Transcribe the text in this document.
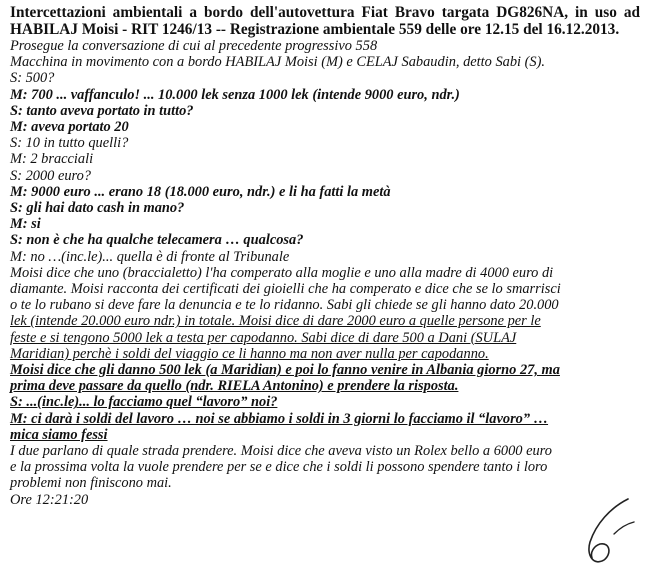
Intercettazioni ambientali a bordo dell'autovettura Fiat Bravo targata DG826NA, in uso ad HABILAJ Moisi - RIT 1246/13 -- Registrazione ambientale 559 delle ore 12.15 del 16.12.2013.

Prosegue la conversazione di cui al precedente progressivo 558
Macchina in movimento con a bordo HABILAJ Moisi (M) e CELAJ Sabaudin, detto Sabi (S).
S: 500?
M: 700 ... vaffanculo! ... 10.000 lek senza 1000 lek (intende 9000 euro, ndr.)
S: tanto aveva portato in tutto?
M: aveva portato 20
S: 10 in tutto quelli?
M: 2 bracciali
S: 2000 euro?
M: 9000 euro ... erano 18 (18.000 euro, ndr.) e li ha fatti la metà
S: gli hai dato cash in mano?
M: si
S: non è che ha qualche telecamera … qualcosa?
M: no …(inc.le)... quella è di fronte al Tribunale
Moisi dice che uno (braccialetto) l'ha comperato alla moglie e uno alla madre di 4000 euro di
diamante. Moisi racconta dei certificati dei gioielli che ha comperato e dice che se lo smarrisci
o te lo rubano si deve fare la denuncia e te lo ridanno. Sabi gli chiede se gli hanno dato 20.000
lek (intende 20.000 euro ndr.) in totale. Moisi dice di dare 2000 euro a quelle persone per le
feste e si tengono 5000 lek a testa per capodanno. Sabi dice di dare 500 a Dani (SULAJ
Maridian) perchè i soldi del viaggio ce li hanno ma non aver nulla per capodanno.
Moisi dice che gli danno 500 lek (a Maridian) e poi lo fanno venire in Albania giorno 27, ma
prima deve passare da quello (ndr. RIELA Antonino) e prendere la risposta.
S: ...(inc.le)... lo facciamo quel “lavoro” noi?
M: ci darà i soldi del lavoro … noi se abbiamo i soldi in 3 giorni lo facciamo il “lavoro” …
mica siamo fessi
I due parlano di quale strada prendere. Moisi dice che aveva visto un Rolex bello a 6000 euro
e la prossima volta la vuole prendere per se e dice che i soldi li possono spendere tanto i loro
problemi non finiscono mai.
Ore 12:21:20
